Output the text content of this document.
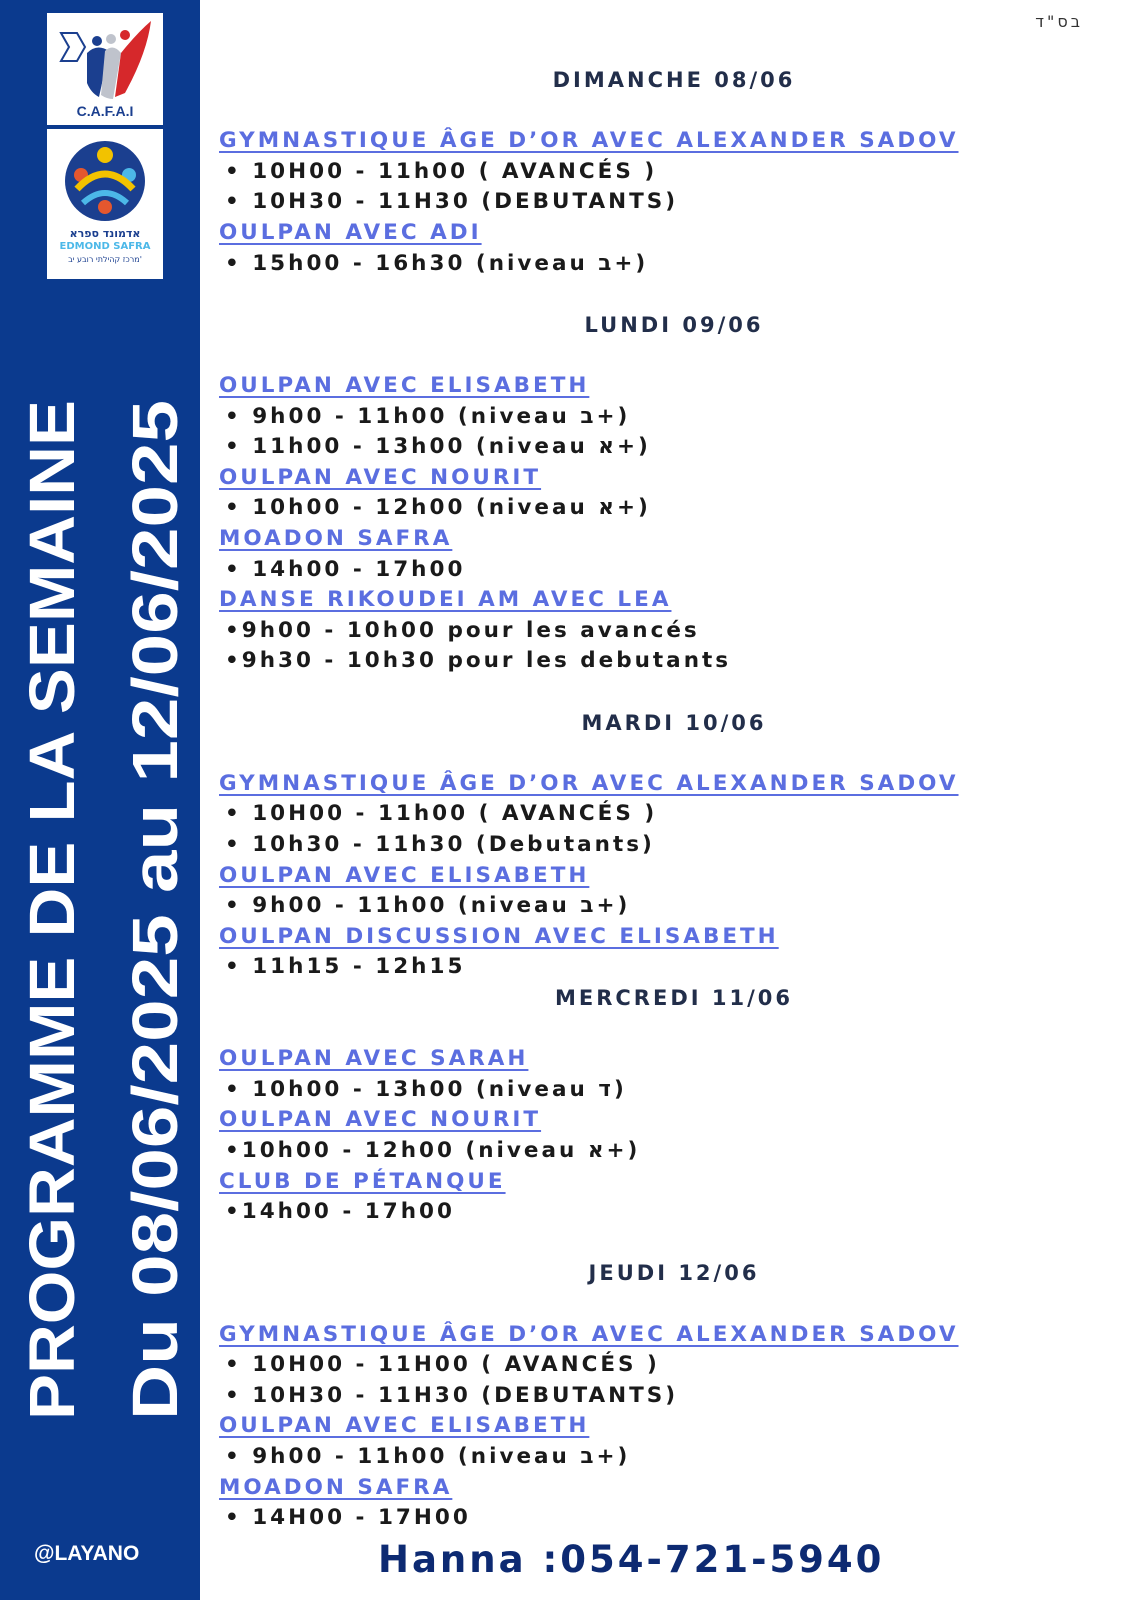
C.A.F.A.I
אדמונד ספרא
EDMOND SAFRA
מרכז קהילתי רובע יב'
PROGRAMME DE LA SEMAINE Du 08/06/2025 au 12/06/2025
@LAYANO
בס"ד
DIMANCHE 08/06
GYMNASTIQUE ÂGE D’OR AVEC ALEXANDER SADOV
• 10H00 - 11h00 ( AVANCÉS )
• 10H30 - 11H30 (DEBUTANTS)
OULPAN AVEC ADI
• 15h00 - 16h30 (niveau ב+)
LUNDI 09/06
OULPAN AVEC ELISABETH
• 9h00 - 11h00 (niveau ב+)
• 11h00 - 13h00 (niveau א+)
OULPAN AVEC NOURIT
• 10h00 - 12h00 (niveau א+)
MOADON SAFRA
• 14h00 - 17h00
DANSE RIKOUDEI AM AVEC LEA
•9h00 - 10h00 pour les avancés
•9h30 - 10h30 pour les debutants
MARDI 10/06
GYMNASTIQUE ÂGE D’OR AVEC ALEXANDER SADOV
• 10H00 - 11h00 ( AVANCÉS )
• 10h30 - 11h30 (Debutants)
OULPAN AVEC ELISABETH
• 9h00 - 11h00 (niveau ב+)
OULPAN DISCUSSION AVEC ELISABETH
• 11h15 - 12h15
MERCREDI 11/06
OULPAN AVEC SARAH
• 10h00 - 13h00 (niveau ד)
OULPAN AVEC NOURIT
•10h00 - 12h00 (niveau א+)
CLUB DE PÉTANQUE
•14h00 - 17h00
JEUDI 12/06
GYMNASTIQUE ÂGE D’OR AVEC ALEXANDER SADOV
• 10H00 - 11H00 ( AVANCÉS )
• 10H30 - 11H30 (DEBUTANTS)
OULPAN AVEC ELISABETH
• 9h00 - 11h00 (niveau ב+)
MOADON SAFRA
• 14H00 - 17H00
Hanna :054-721-5940
